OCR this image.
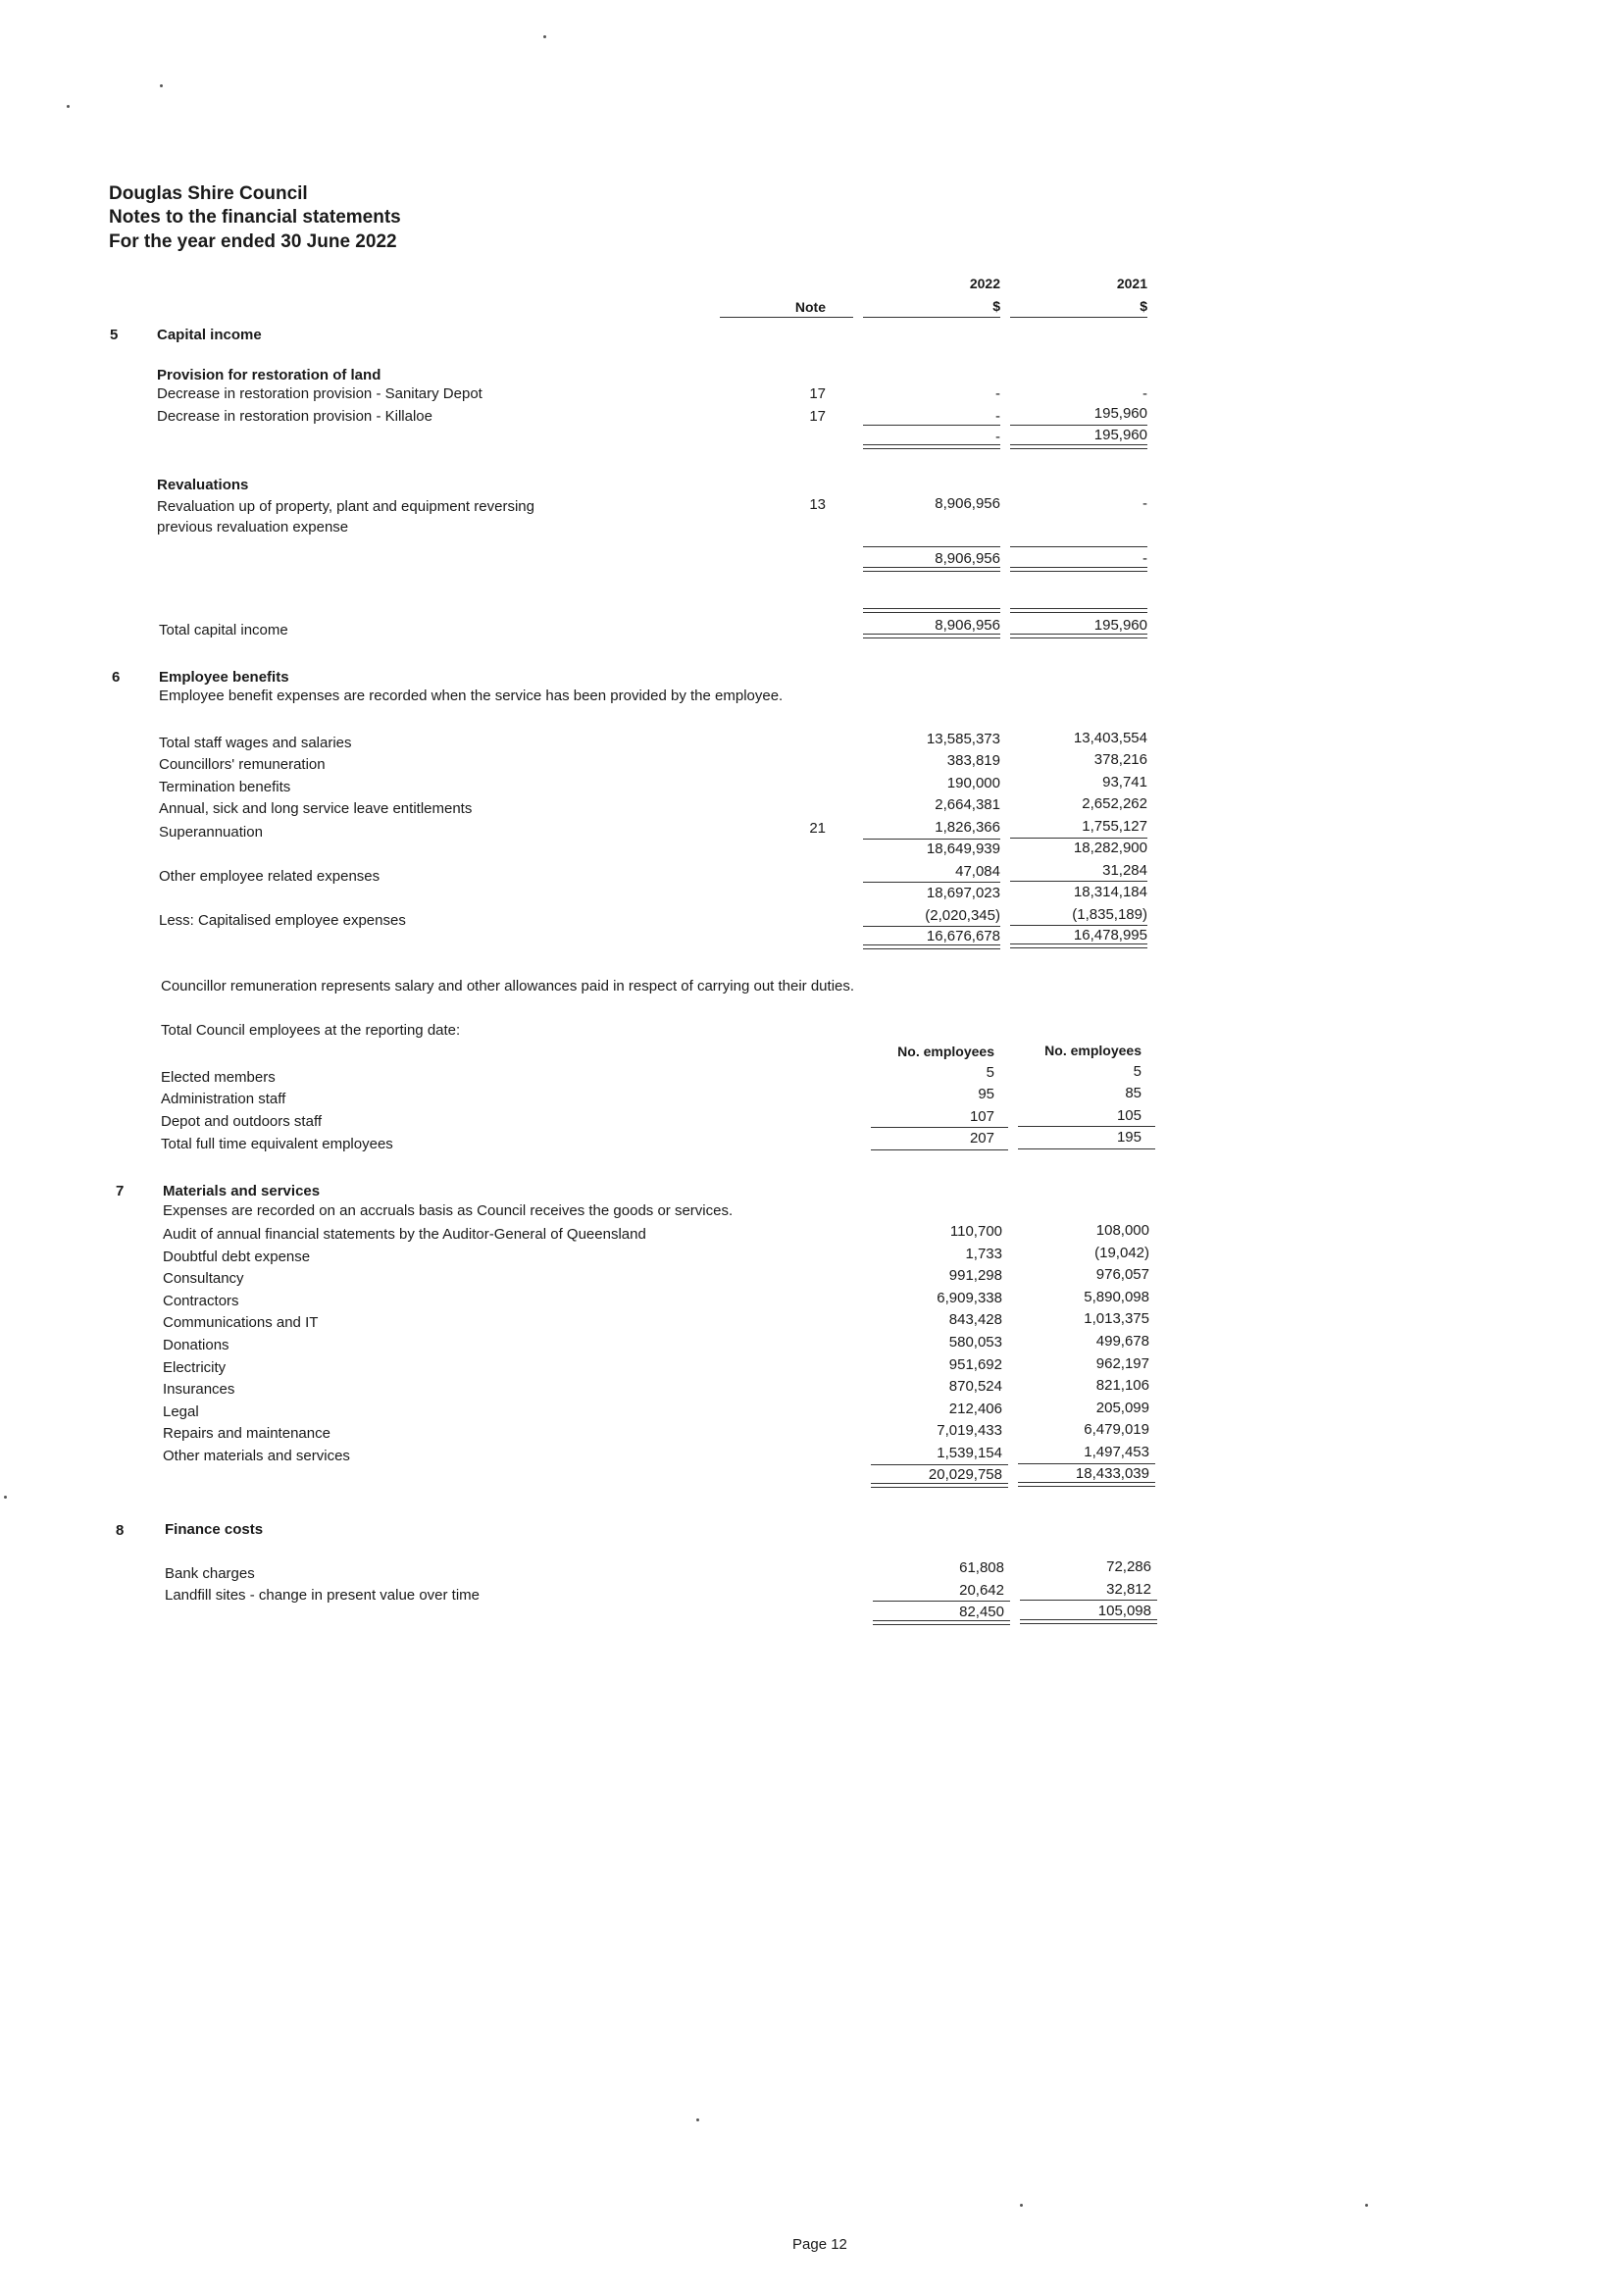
Douglas Shire Council
Notes to the financial statements
For the year ended 30 June 2022
2022	2021
Note	$	$
5	Capital income
Provision for restoration of land
Decrease in restoration provision - Sanitary Depot	17	-	-
Decrease in restoration provision - Killaloe	17	-	195,960
-	195,960
Revaluations
Revaluation up of property, plant and equipment reversing
previous revaluation expense
13	8,906,956	-
8,906,956	-
Total capital income	8,906,956	195,960
6	Employee benefits
Employee benefit expenses are recorded when the service has been provided by the employee.
Total staff wages and salaries	13,585,373	13,403,554
Councillors' remuneration	383,819	378,216
Termination benefits	190,000	93,741
Annual, sick and long service leave entitlements	2,664,381	2,652,262
Superannuation	21	1,826,366	1,755,127
18,649,939	18,282,900
Other employee related expenses	47,084	31,284
18,697,023	18,314,184
Less: Capitalised employee expenses	(2,020,345)	(1,835,189)
16,676,678	16,478,995
Councillor remuneration represents salary and other allowances paid in respect of carrying out their duties.
Total Council employees at the reporting date:
No. employees	No. employees
Elected members	5	5
Administration staff	95	85
Depot and outdoors staff	107	105
Total full time equivalent employees	207	195
7	Materials and services
Expenses are recorded on an accruals basis as Council receives the goods or services.
Audit of annual financial statements by the Auditor-General of Queensland	110,700	108,000
Doubtful debt expense	1,733	(19,042)
Consultancy	991,298	976,057
Contractors	6,909,338	5,890,098
Communications and IT	843,428	1,013,375
Donations	580,053	499,678
Electricity	951,692	962,197
Insurances	870,524	821,106
Legal	212,406	205,099
Repairs and maintenance	7,019,433	6,479,019
Other materials and services	1,539,154	1,497,453
20,029,758	18,433,039
8	Finance costs
Bank charges	61,808	72,286
Landfill sites - change in present value over time	20,642	32,812
82,450	105,098
Page 12
